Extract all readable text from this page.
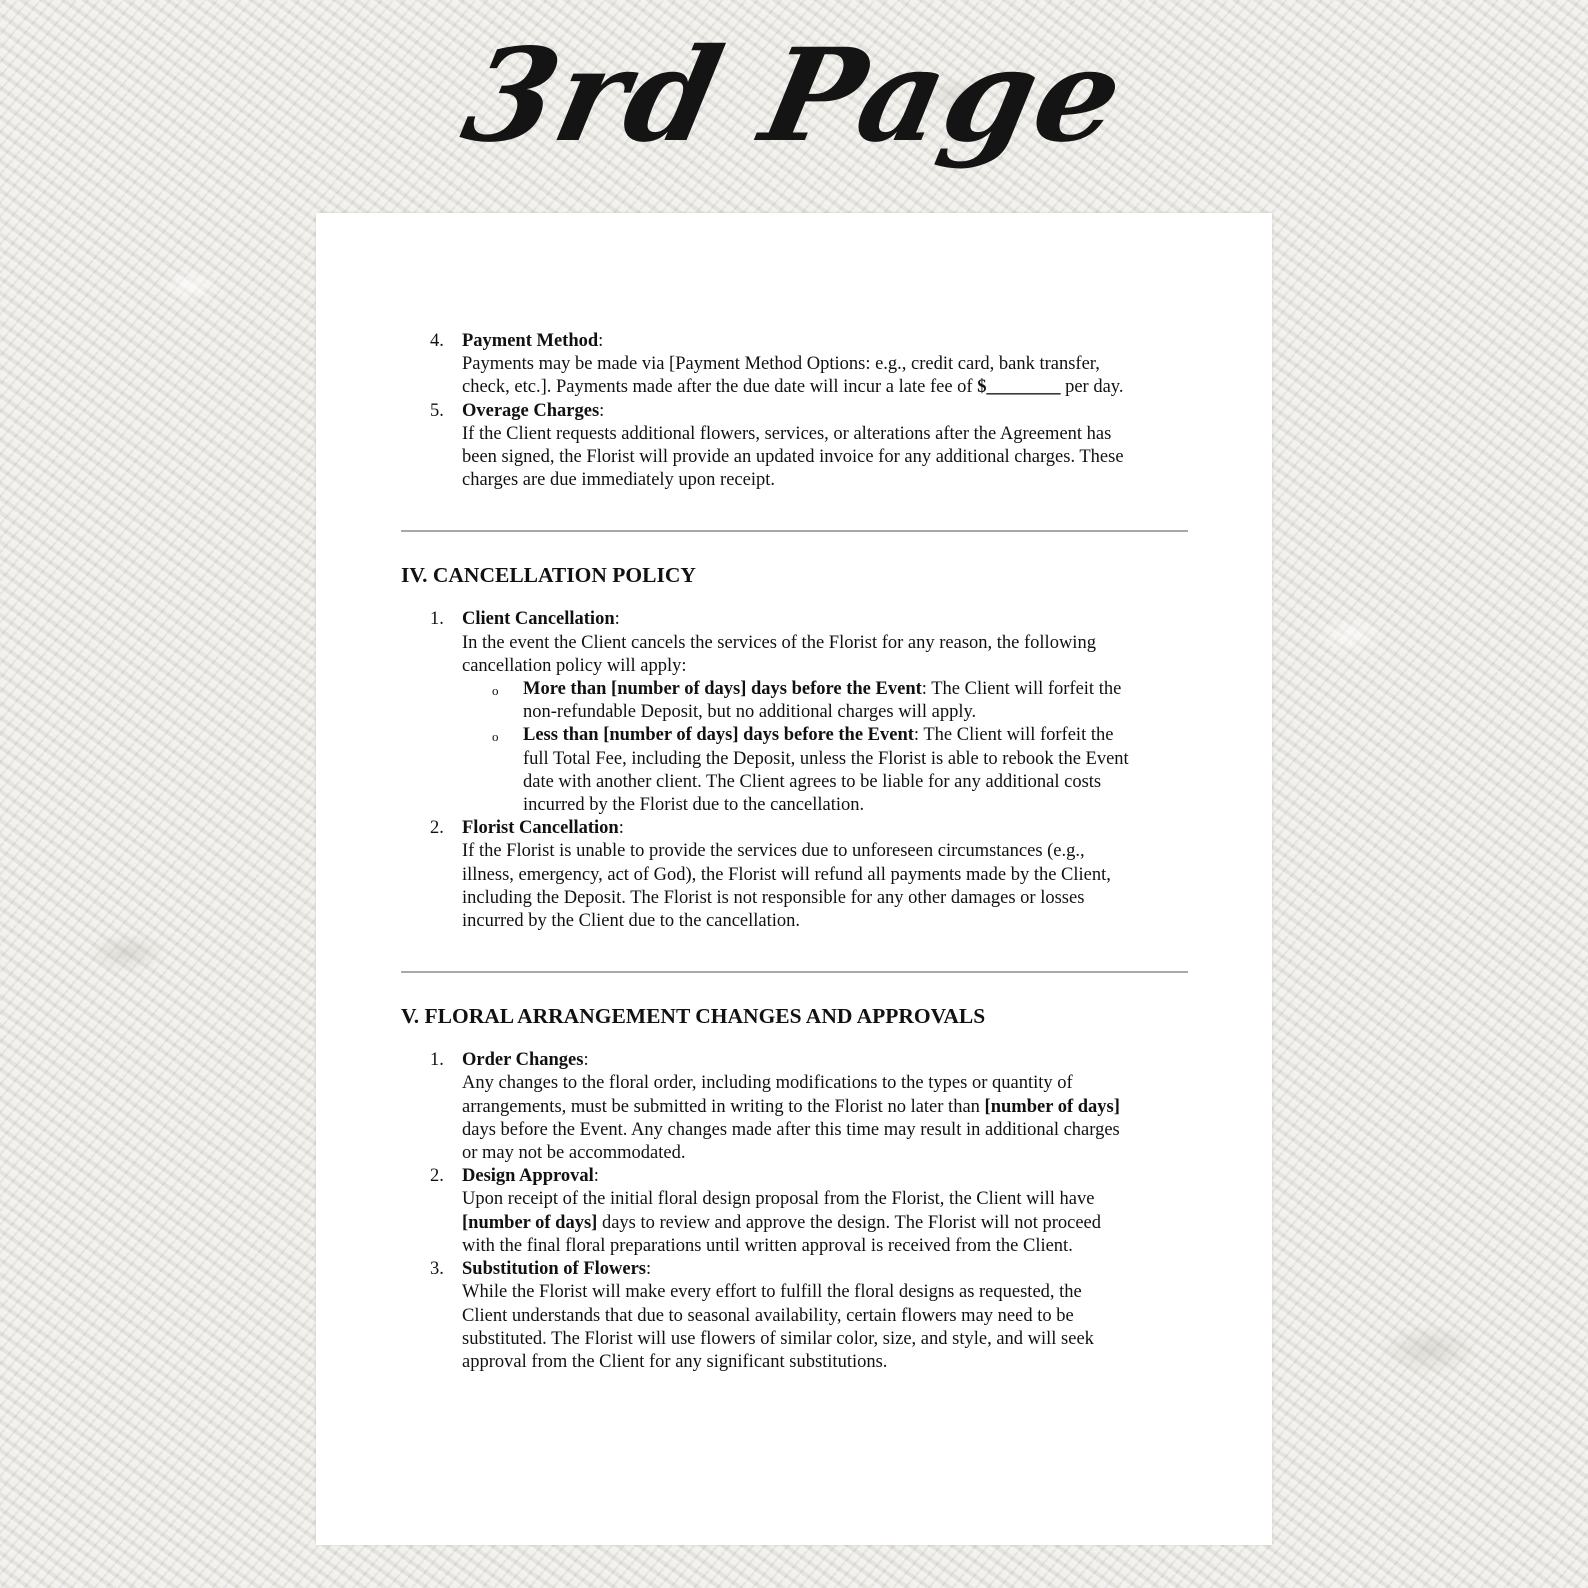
3rd Page
4. Payment Method:
Payments may be made via [Payment Method Options: e.g., credit card, bank transfer,
check, etc.]. Payments made after the due date will incur a late fee of $________ per day.
5. Overage Charges:
If the Client requests additional flowers, services, or alterations after the Agreement has
been signed, the Florist will provide an updated invoice for any additional charges. These
charges are due immediately upon receipt.
IV. CANCELLATION POLICY
1. Client Cancellation:
In the event the Client cancels the services of the Florist for any reason, the following
cancellation policy will apply:
o More than [number of days] days before the Event: The Client will forfeit the
non-refundable Deposit, but no additional charges will apply.
o Less than [number of days] days before the Event: The Client will forfeit the
full Total Fee, including the Deposit, unless the Florist is able to rebook the Event
date with another client. The Client agrees to be liable for any additional costs
incurred by the Florist due to the cancellation.
2. Florist Cancellation:
If the Florist is unable to provide the services due to unforeseen circumstances (e.g.,
illness, emergency, act of God), the Florist will refund all payments made by the Client,
including the Deposit. The Florist is not responsible for any other damages or losses
incurred by the Client due to the cancellation.
V. FLORAL ARRANGEMENT CHANGES AND APPROVALS
1. Order Changes:
Any changes to the floral order, including modifications to the types or quantity of
arrangements, must be submitted in writing to the Florist no later than [number of days]
days before the Event. Any changes made after this time may result in additional charges
or may not be accommodated.
2. Design Approval:
Upon receipt of the initial floral design proposal from the Florist, the Client will have
[number of days] days to review and approve the design. The Florist will not proceed
with the final floral preparations until written approval is received from the Client.
3. Substitution of Flowers:
While the Florist will make every effort to fulfill the floral designs as requested, the
Client understands that due to seasonal availability, certain flowers may need to be
substituted. The Florist will use flowers of similar color, size, and style, and will seek
approval from the Client for any significant substitutions.
